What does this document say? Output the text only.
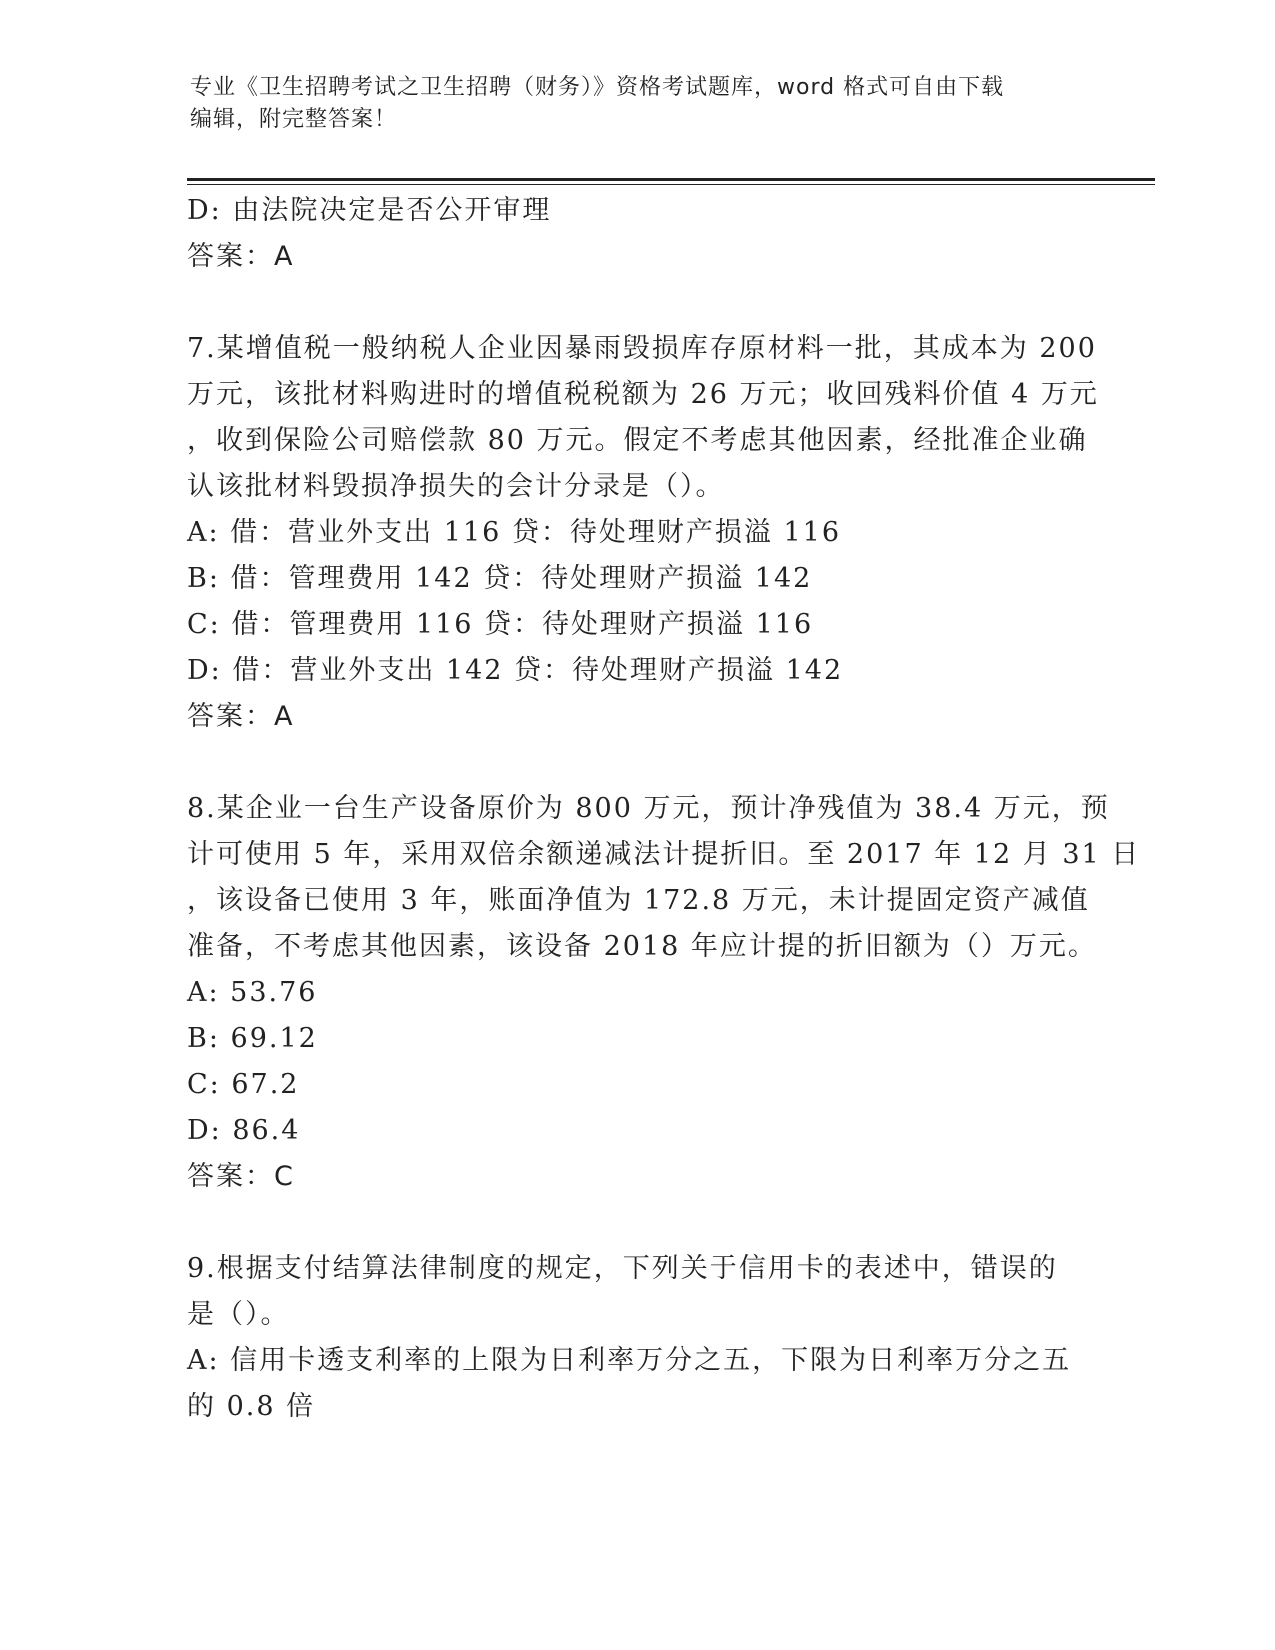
专业《卫生招聘考试之卫生招聘（财务）》资格考试题库，word 格式可自由下载
编辑，附完整答案！
D: 由法院决定是否公开审理
答案：A
7.某增值税一般纳税人企业因暴雨毁损库存原材料一批，其成本为 200
万元，该批材料购进时的增值税税额为 26 万元；收回残料价值 4 万元
，收到保险公司赔偿款 80 万元。假定不考虑其他因素，经批准企业确
认该批材料毁损净损失的会计分录是（）。
A: 借：营业外支出 116 贷：待处理财产损溢 116
B: 借：管理费用 142 贷：待处理财产损溢 142
C: 借：管理费用 116 贷：待处理财产损溢 116
D: 借：营业外支出 142 贷：待处理财产损溢 142
答案：A
8.某企业一台生产设备原价为 800 万元，预计净残值为 38.4 万元，预
计可使用 5 年，采用双倍余额递减法计提折旧。至 2017 年 12 月 31 日
，该设备已使用 3 年，账面净值为 172.8 万元，未计提固定资产减值
准备，不考虑其他因素，该设备 2018 年应计提的折旧额为（）万元。
A: 53.76
B: 69.12
C: 67.2
D: 86.4
答案：C
9.根据支付结算法律制度的规定，下列关于信用卡的表述中，错误的
是（）。
A: 信用卡透支利率的上限为日利率万分之五，下限为日利率万分之五
的 0.8 倍
